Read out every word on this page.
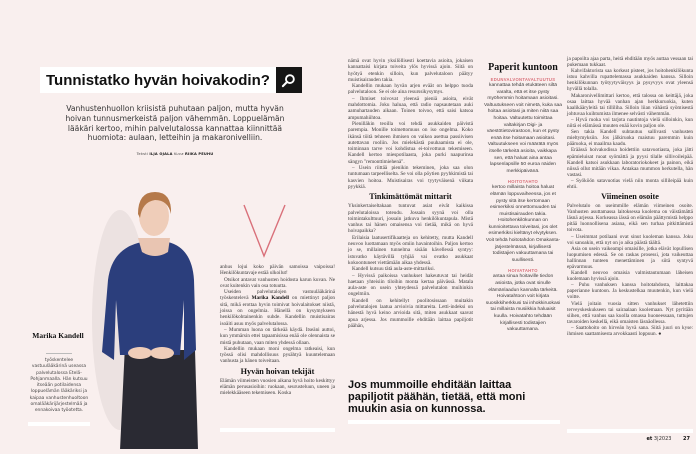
Tunnistatko hyvän hoivakodin?

Vanhustenhuollon kriisistä puhutaan paljon, mutta hyvän hoivan tunnusmerkeistä paljon vähemmän. Loppuelämän lääkäri kertoo, mihin palvelutalossa kannattaa kiinnittää huomiota: aulaan, letteihin ja makaronivelliin.

Teksti ILJA OJALA Kuva RIIKA PEUHU

Marika Kandell

työskentelee vastuulääkärinä useassa palvelutalossa Etelä-Pohjanmaalla. Hän kutsuu itseään potilaidensa loppuelämän lääkäriksi ja kaipaa vanhustenhuoltoon omalääkärijärjestelmää ja ennakoivaa työotetta.

anhus lojui koko päivän samoissa vaipoissa! Henkilökuntavaje estää ulkoilut!

Otsikot antavat vanhusten hoidosta karun kuvan. Ne ovat kuitenkin vain osa totuutta.

Useiden palvelutalojen vastuulääkärinä työskentelevä Marika Kandell on miettinyt paljon sitä, mikä erottaa hyvin toimivat hoivalaitokset niistä, joissa on ongelmia. Hänellä on kysymykseen henkilökohtainenkin suhde. Kandellin muistisairas isoäiti asuu myös palvelutalossa.

– Mumman luona on tärkeää käydä. Itseäni auttoi, kun ymmärsin ettei tapaamisissa enää ole olennaista se mistä puhutaan, vaan miten yhdessä ollaan.

Kandellin mukaan moni ongelma ratkeaisi, kun työssä olisi mahdollisuus pysähtyä kuuntelemaan vanhusta ja hänen toiveitaan.

Hyvän hoivan tekijät

Elämän viimeisten vuosien aikana hyvä hoito keskittyy elämän perusasioihin: ruokaan, seurusteluun, uneen ja mielekkääseen tekemiseen. Koska

nämä ovat hyvin yksilöllisesti koettavia asioita, jokaisen kannattaisi kirjata toiveita ylös hyvissä ajoin. Siitä on hyötyä etenkin silloin, kun palvelutaloon päätyy muistisairauden takia.

Kandellin mukaan hyvän arjen eväät on helppo tuoda palvelutaloon. Se ei ole aina resurssikysymys.

– Ihmiset toivovat yleensä pieniä asioita, eivät mahdottomia. Joku haluaa, että radio napsautetaan auki aamuhartauden aikaan. Toinen toivoo, että saisi katsoa ampumahiihtoa.

Pienilläkin teoilla voi tehdä asukkaiden päivistä parempia. Monille toimettomuus on iso ongelma. Koko ikänsä töitä tehneen ihmisen on vaikea asettua passiivisen autettavan rooliin. Jos mielekästä puuhaamista ei ole, toiminnan tarve voi kohdistua ei-toivottuun tekemiseen. Kandell kertoo miespotilaasta, joka purki naapurinsa sängyn "remonttimiehenä".

– Usein riittää pienikin tekeminen, joka saa olon tuntumaan tarpeelliselta. Se voi olla pöytien pyyhkimistä tai kasvien hoitoa. Muistisairas voi tyytyväisenä viikata pyykkiä.

Tinkimättömät mittarit

Yksinkertaiseltakaan tuntuvat asiat eivät kaikissa palvelutaloissa toteudu. Jossain syynä voi olla toimintakulttuuri, jossain jatkuva henkilökuntapula. Mistä vanhus tai hänen omaisensa voi tietää, mikä on hyvä hoivapaikka?

Erilaisia laatusertifikaatteja on kehitetty, mutta Kandell neuvoo luottamaan myös omiin havaintoihin. Paljon kertoo jo se, millainen tunnelma sisään kävellessä syntyy: istuvatko käytävillä tyhjää vai ovatko asukkaat kokoontuneet viettämään aikaa yhdessä.

Kandell kutsuu tätä aula-aste-mittariksi.

– Hyvissä paikoissa vanhukset hakeutuvat tai heidät haetaan yhteisiin tiloihin monta kertaa päivässä. Matala aula-aste on usein yhteydessä palvelutalon muihinkin ongelmiin.

Kandell on kehitellyt puolitosissaan muitakin palvelutalojen laatua arvioivia mittareita. Letti-indeksi on hänestä hyvä keino arvioida sitä, miten asukkaat saavat apua arjessa. Jos mummoille ehditään laittaa papiljotit päähän,

Paperit kuntoon
EDUNVALVONTAVALTUUTUS

kannattaa tehdä etukäteen siltä varalta, että et itse pysty myöhemmin hoitamaan asioitasi. Valtuutukseen voit nimetä, kuka saa hoitaa asioitasi ja miten niitä saa hoitaa. Valtuutettu toimittaa valtakirjan Digi- ja väestötietovirastoon, kun et pysty enää itse hoitamaan asioitasi. Valtuutukseen voi määrätä myös itselle tärkeitä asioita, vaikkapa sen, että haluat aina antaa lapsenlapsille 50 euroa näiden merkkipäivänä.

HOITOTAHTO

kertoo millaista hoitoa haluat elämän loppuvaiheessa, jos et pysty sitä itse kertomaan esimerkiksi onnettomuuden tai muistisairauden takia. Hoitohenkilökunnan on kunnioitettava toiveitasi, jos olet esimerkiksi kieltänyt elvytyksen. Voit tehdä hoitotahdon Omakanta-järjestelmässä, kirjallisesti todistajien vakuuttamana tai suullisesti.

HOIVATAHTO

antaa sinua hoitaville tiedon asioista, jotka ovat sinulle elämänlaadun kannalta tärkeitä. Hoivatahtoon voit kirjata suosikkiherkkusi tai inhokkiruokasi tai millaista musiikkia haluaisit kuulla. Hoivatahto tehdään kirjallisesti todistajien vakuuttamana.

ja papoilta ajaa parta, heitä ehditään myös auttaa vessaan tai pukemaan tukkaat.

Kahvifaktorista saa korkeat pisteet, jos hoitohenkilökunta istuu kahvilla rupattelemassa asukkaiden kanssa. Silloin henkilökunnan työtyytyväisyys ja pysyvyys ovat yleensä hyvällä tolalla.

Makaronivellimittari kertoo, että talossa on keittäjä, joka osaa laittaa hyvää vanhan ajan herkkuruokia, kuten kaalikääryleitä tai tilliliha. Silloin liian vähästä syömisestä johtuvaa kuihtumista ilmenee selvästi vähemmän.

– Hyvä ruoka voi tarjota nautintoja vielä silloinkin, kun niitä ei elämässä muuten enää kovin paljon ole.

Sen takia Kandell suhtautuu sallivasti vanhusten mieltymyksiin. Jos jälkiruoka maistuu paremmin kuin pääruoka, ei maailma kaadu.

Eräässä hoivakodissa hoidettiin satavuotiasta, joka jätti epämieluisat ruoat syömättä ja pyysi tilalle sillivoileipää. Kandell katsoi asukkaan laboratoriokokeet ja painon, eikä niissä ollut mitään vikaa. Antakaa mummon herkutella, hän vastasi.

– Syököön satavuotias vielä niin monta sillileipää kuin ehtii.

Viimeinen osoite

Palvelutalo on useimmille elämän viimeinen osoite. Vanhusten asuttamassa laitoksessa kuolema on väistämättä läsnä arjessa. Korkeassa iässä on elämän päättymistä helppo pitää luonnollisena asiana, eikä sen turhaa pitkittämistä toivota.

– Useimmat potilaani ovat sinut kuoleman kanssa. Joku voi sanoakin, että nyt on jo aika päästä täältä.

Asia on usein vaikeampi omaisille, jotka elävät lopullisen luopumisen edessä. Se on raskas prosessi, jota vaikeuttaa hallinnan tunteen menettäminen ja siitä syntyvä epävarmuus.

Kandell neuvoo omaisia valmistautumaan läheisen kuolemaan hyvissä ajoin.

– Puhu vanhuksen kanssa hoitotahdosta, laittakaa paperianne kuntoon. Ja keskustelkaa muutenkin, kun vielä voitte.

Vielä joitain vuosia sitten vanhukset lähetettiin terveyskeskukseen tai sairaalaan kuolemaan. Nyt pyritään siihen, että vanhus saa kuolla omassa huoneessaan, tuttujen tavaroiden keskellä, eikä omaisten läsnäollessa.

– Saattohoito on hirveän hyvä sana. Siitä juuri on kyse: ihmisen saattamisesta arvokkaasti loppuun. ●

Jos mummoille ehditään laittaa papiljotit päähän, tietää, että moni muukin asia on kunnossa.

et 3|2023 27
